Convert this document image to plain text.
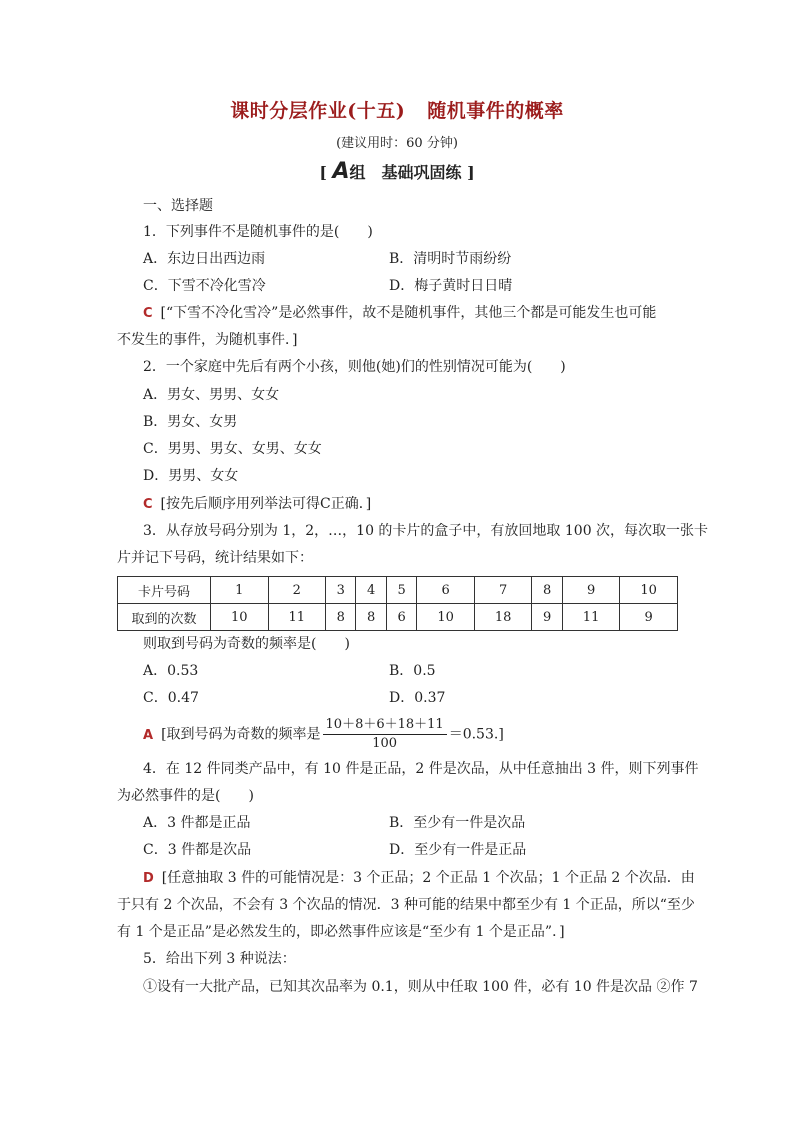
课时分层作业(十五) 随机事件的概率
(建议用时：60 分钟)
[ A组　基础巩固练 ]
一、选择题
1．下列事件不是随机事件的是(　　)
A．东边日出西边雨	B．清明时节雨纷纷
C．下雪不冷化雪冷	D．梅子黄时日日晴
C [“下雪不冷化雪冷”是必然事件，故不是随机事件，其他三个都是可能发生也可能
不发生的事件，为随机事件．]
2．一个家庭中先后有两个小孩，则他(她)们的性别情况可能为(　　)
A．男女、男男、女女
B．男女、女男
C．男男、男女、女男、女女
D．男男、女女
C [按先后顺序用列举法可得C正确．]
3．从存放号码分别为 1，2，…，10 的卡片的盒子中，有放回地取 100 次，每次取一张卡
片并记下号码，统计结果如下：
卡片号码	1	2	3	4	5	6	7	8	9	10
取到的次数	10	11	8	8	6	10	18	9	11	9
则取到号码为奇数的频率是(　　)
A．0.53	B．0.5
C．0.47	D．0.37
A [取到号码为奇数的频率是 $\frac{10+8+6+18+11}{100} =0.53$.]
4．在 12 件同类产品中，有 10 件是正品，2 件是次品，从中任意抽出 3 件，则下列事件
为必然事件的是(　　)
A．3 件都是正品	B．至少有一件是次品
C．3 件都是次品	D．至少有一件是正品
D [任意抽取 3 件的可能情况是：3 个正品；2 个正品 1 个次品；1 个正品 2 个次品．由
于只有 2 个次品，不会有 3 个次品的情况．3 种可能的结果中都至少有 1 个正品，所以“至少
有 1 个是正品”是必然发生的，即必然事件应该是“至少有 1 个是正品”．]
5．给出下列 3 种说法：
①设有一大批产品，已知其次品率为 0.1，则从中任取 100 件，必有 10 件是次品 ②作 7
